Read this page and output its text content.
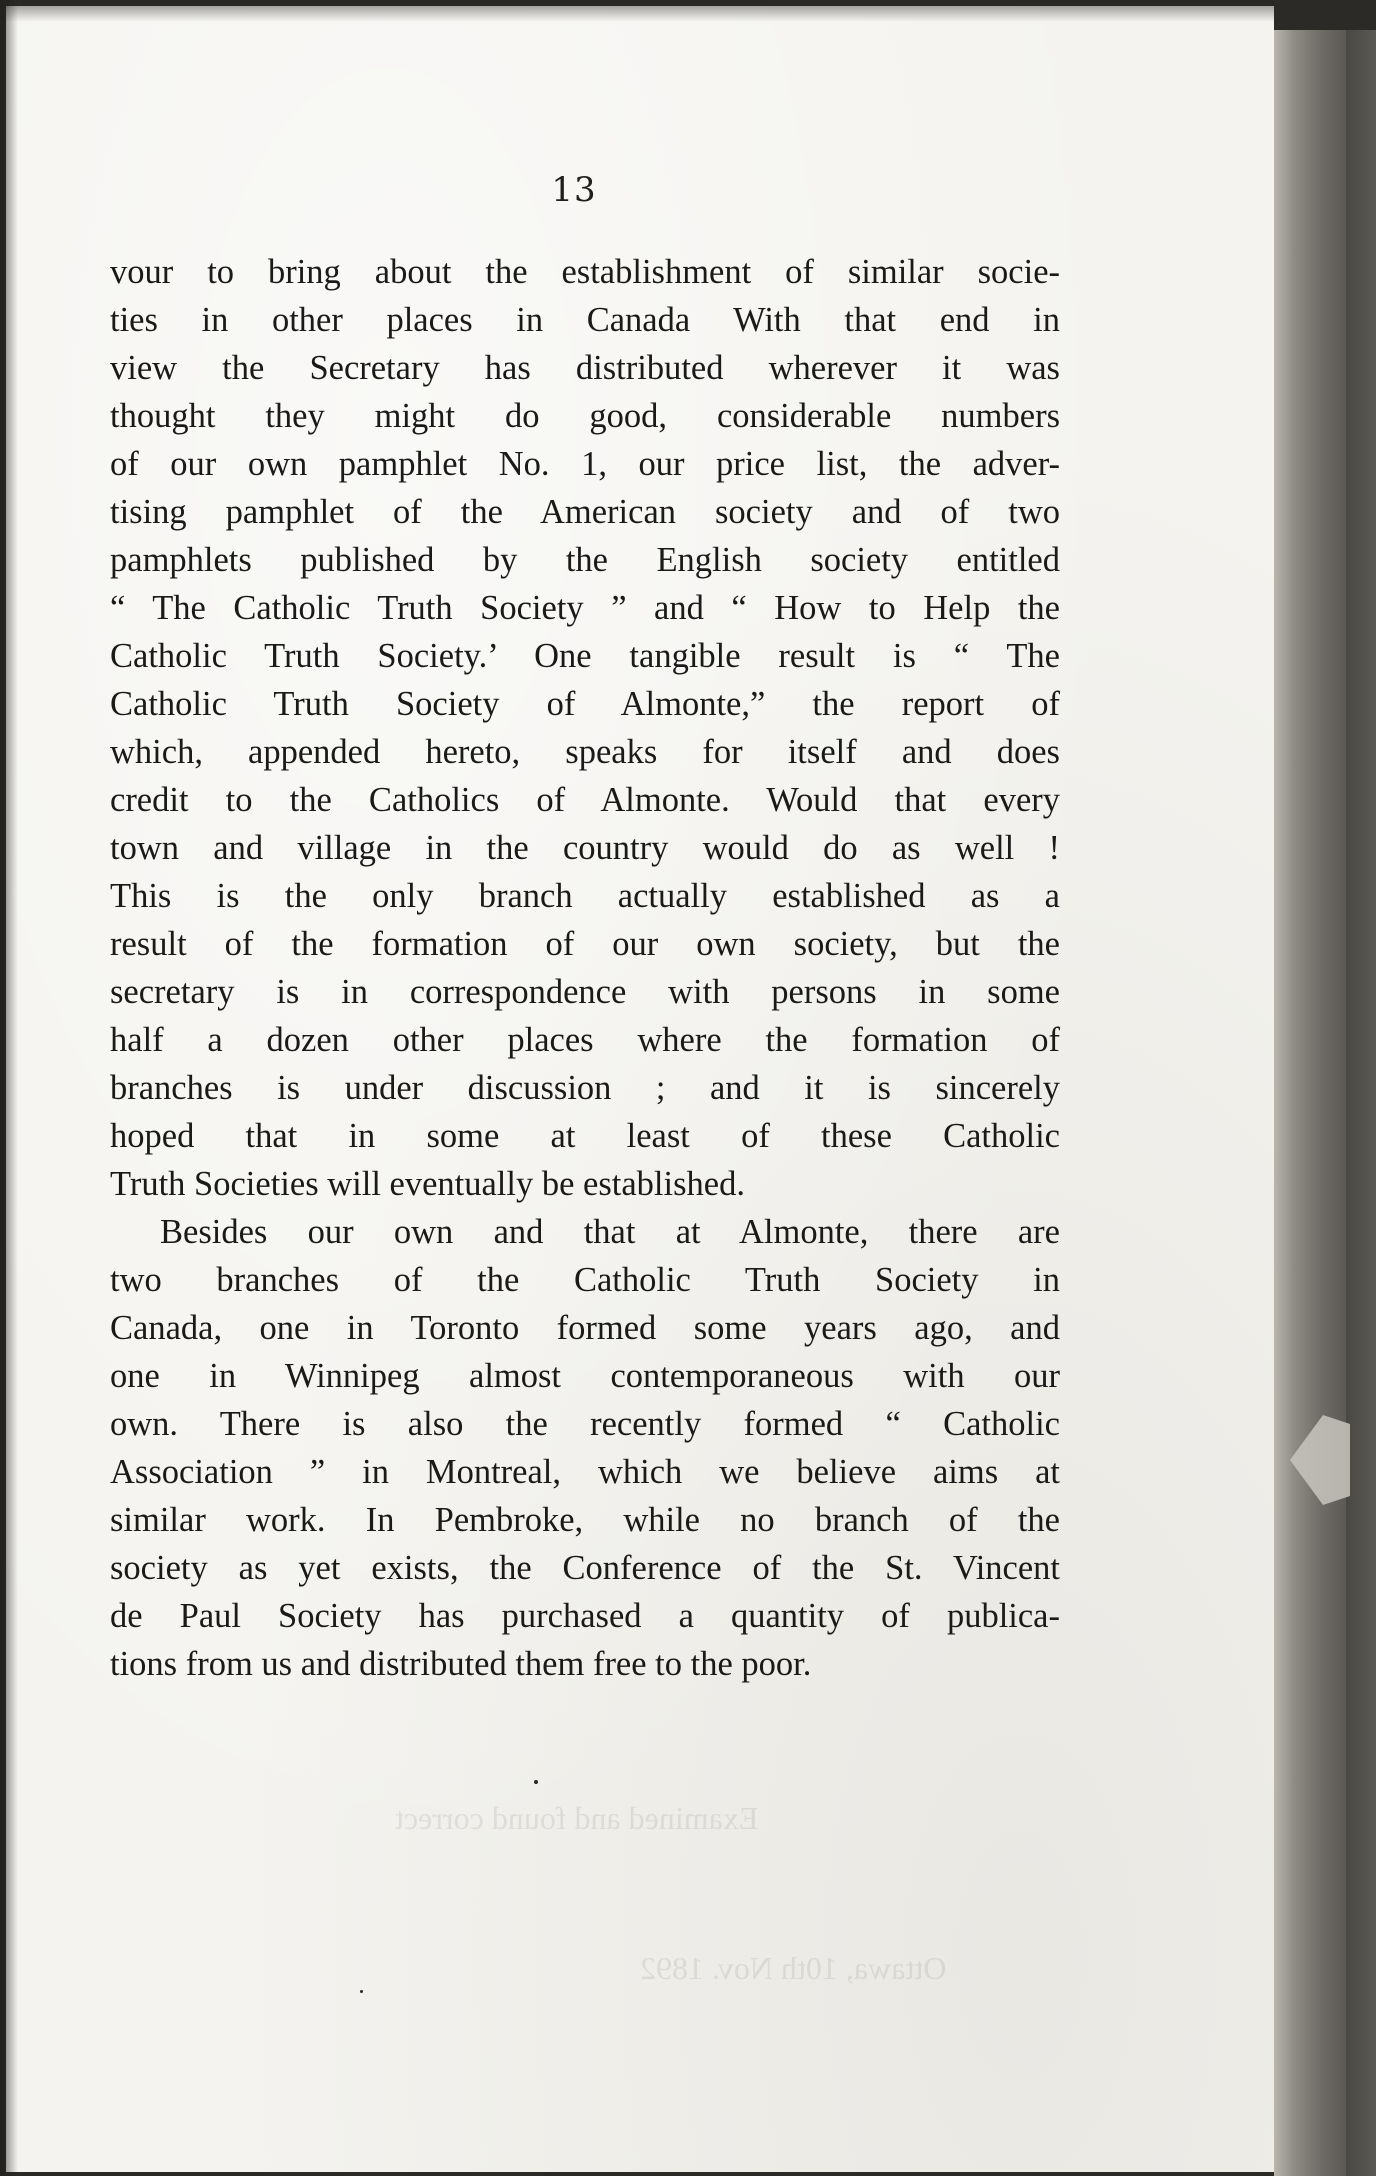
Examined and found correct
Ottawa, 10th Nov. 1892
13
vour to bring about the establishment of similar socie-
ties in other places in Canada With that end in
view the Secretary has distributed wherever it was
thought they might do good, considerable numbers
of our own pamphlet No. 1, our price list, the adver-
tising pamphlet of the American society and of two
pamphlets published by the English society entitled
“ The Catholic Truth Society ” and “ How to Help the
Catholic Truth Society.’ One tangible result is “ The
Catholic Truth Society of Almonte,” the report of
which, appended hereto, speaks for itself and does
credit to the Catholics of Almonte. Would that every
town and village in the country would do as well !
This is the only branch actually established as a
result of the formation of our own society, but the
secretary is in correspondence with persons in some
half a dozen other places where the formation of
branches is under discussion ; and it is sincerely
hoped that in some at least of these Catholic
Truth Societies will eventually be established.
Besides our own and that at Almonte, there are
two branches of the Catholic Truth Society in
Canada, one in Toronto formed some years ago, and
one in Winnipeg almost contemporaneous with our
own. There is also the recently formed “ Catholic
Association ” in Montreal, which we believe aims at
similar work. In Pembroke, while no branch of the
society as yet exists, the Conference of the St. Vincent
de Paul Society has purchased a quantity of publica-
tions from us and distributed them free to the poor.
